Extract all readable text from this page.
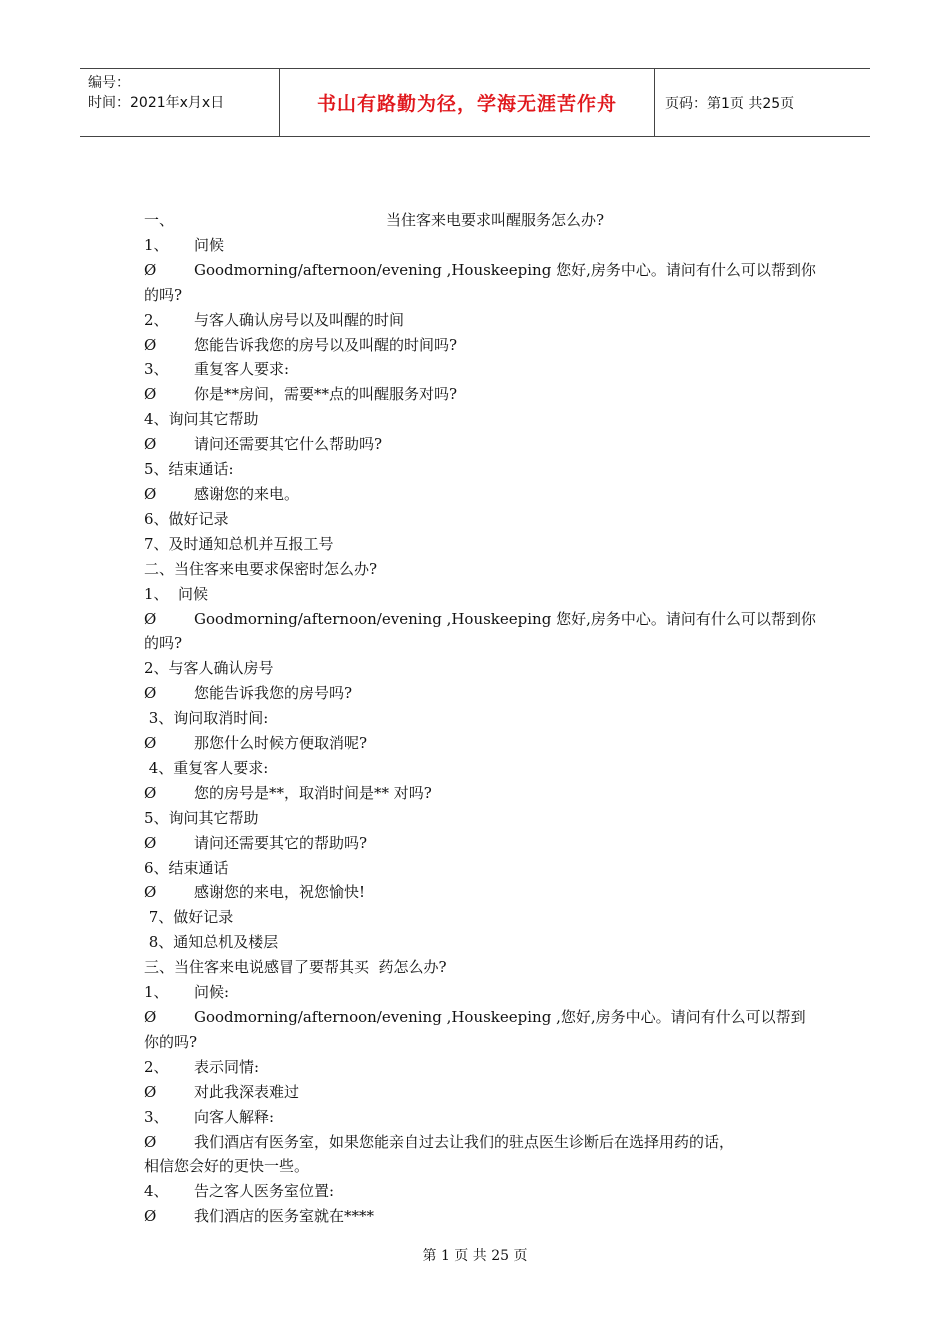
编号：
时间：2021年x月x日	书山有路勤为径，学海无涯苦作舟	页码：第1页 共25页
一、	当住客来电要求叫醒服务怎么办?
1、	问候
Ø	Goodmorning/afternoon/evening ,Houskeeping 您好,房务中心。请问有什么可以帮到你
的吗?
2、	与客人确认房号以及叫醒的时间
Ø	您能告诉我您的房号以及叫醒的时间吗?
3、	重复客人要求:
Ø	你是**房间，需要**点的叫醒服务对吗?
4、询问其它帮助
Ø	请问还需要其它什么帮助吗?
5、结束通话:
Ø	感谢您的来电。
6、做好记录
7、及时通知总机并互报工号
二、当住客来电要求保密时怎么办?
1、 问候
Ø	Goodmorning/afternoon/evening ,Houskeeping 您好,房务中心。请问有什么可以帮到你
的吗?
2、与客人确认房号
Ø	您能告诉我您的房号吗?
3、询问取消时间:
Ø	那您什么时候方便取消呢?
4、重复客人要求:
Ø	您的房号是**，取消时间是** 对吗?
5、询问其它帮助
Ø	请问还需要其它的帮助吗?
6、结束通话
Ø	感谢您的来电，祝您愉快!
7、做好记录
8、通知总机及楼层
三、当住客来电说感冒了要帮其买  药怎么办?
1、	问候:
Ø	Goodmorning/afternoon/evening ,Houskeeping ,您好,房务中心。请问有什么可以帮到
你的吗?
2、	表示同情:
Ø	对此我深表难过
3、	向客人解释:
Ø	我们酒店有医务室，如果您能亲自过去让我们的驻点医生诊断后在选择用药的话，
相信您会好的更快一些。
4、	告之客人医务室位置:
Ø	我们酒店的医务室就在****
第 1 页 共 25 页
